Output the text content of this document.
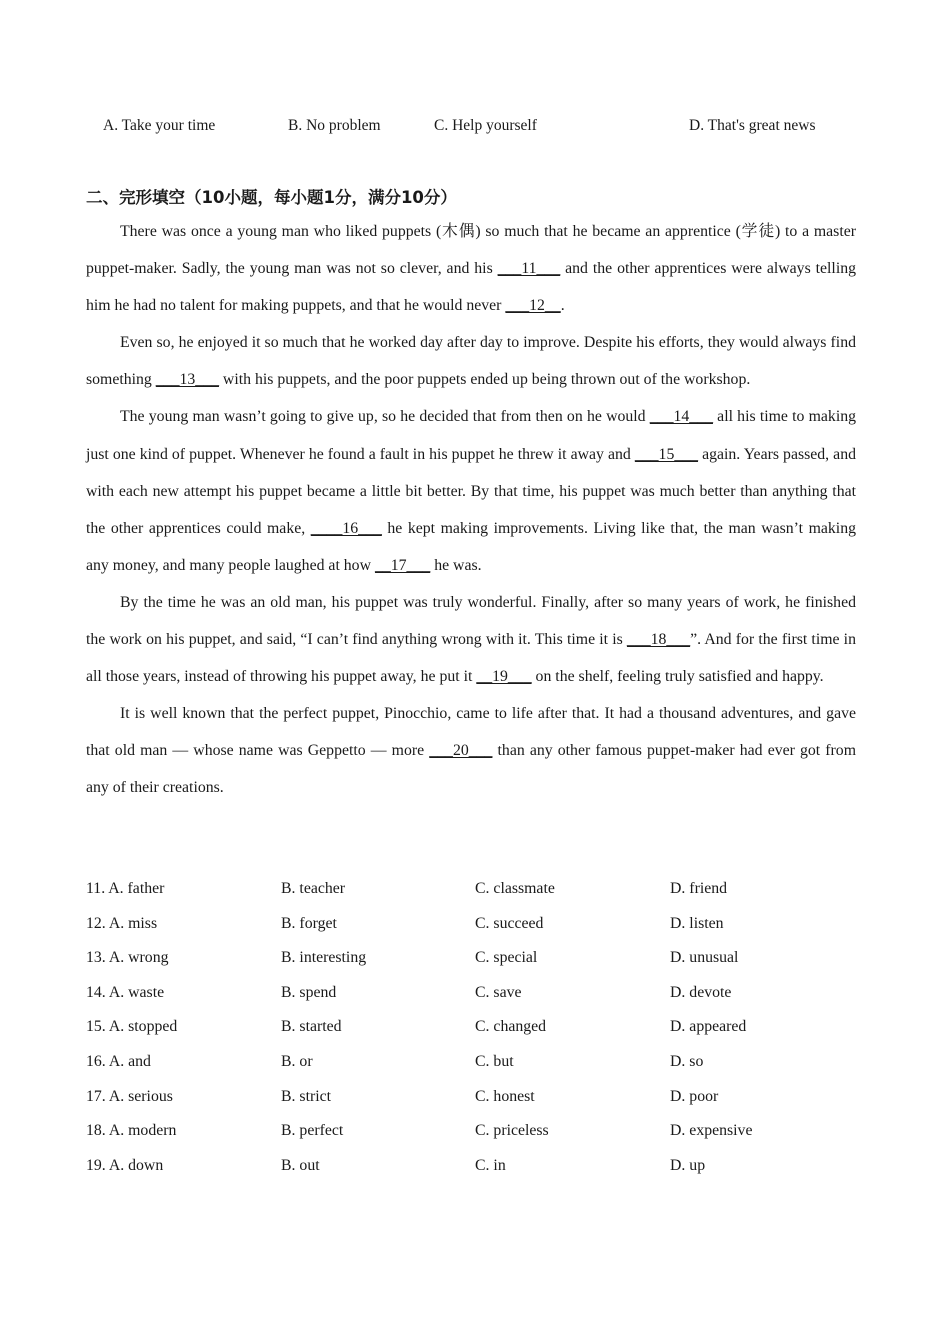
A. Take your time	B. No problem	C. Help yourself	D. That's great news
二、完形填空（10小题，每小题1分，满分10分）

There was once a young man who liked puppets (木偶) so much that he became an apprentice (学徒) to a master puppet-maker. Sadly, the young man was not so clever, and his ___11___ and the other apprentices were always telling him he had no talent for making puppets, and that he would never ___12__.

Even so, he enjoyed it so much that he worked day after day to improve. Despite his efforts, they would always find something ___13___ with his puppets, and the poor puppets ended up being thrown out of the workshop.

The young man wasn’t going to give up, so he decided that from then on he would ___14___ all his time to making just one kind of puppet. Whenever he found a fault in his puppet he threw it away and ___15___ again. Years passed, and with each new attempt his puppet became a little bit better. By that time, his puppet was much better than anything that the other apprentices could make, ____16___ he kept making improvements. Living like that, the man wasn’t making any money, and many people laughed at how __17___ he was.

By the time he was an old man, his puppet was truly wonderful. Finally, after so many years of work, he finished the work on his puppet, and said, “I can’t find anything wrong with it. This time it is ___18___”. And for the first time in all those years, instead of throwing his puppet away, he put it __19___ on the shelf, feeling truly satisfied and happy.

It is well known that the perfect puppet, Pinocchio, came to life after that. It had a thousand adventures, and gave that old man — whose name was Geppetto — more ___20___ than any other famous puppet-maker had ever got from any of their creations.

11. A. father	B. teacher	C. classmate	D. friend
12. A. miss	B. forget	C. succeed	D. listen
13. A. wrong	B. interesting	C. special	D. unusual
14. A. waste	B. spend	C. save	D. devote
15. A. stopped	B. started	C. changed	D. appeared
16. A. and	B. or	C. but	D. so
17. A. serious	B. strict	C. honest	D. poor
18. A. modern	B. perfect	C. priceless	D. expensive
19. A. down	B. out	C. in	D. up
